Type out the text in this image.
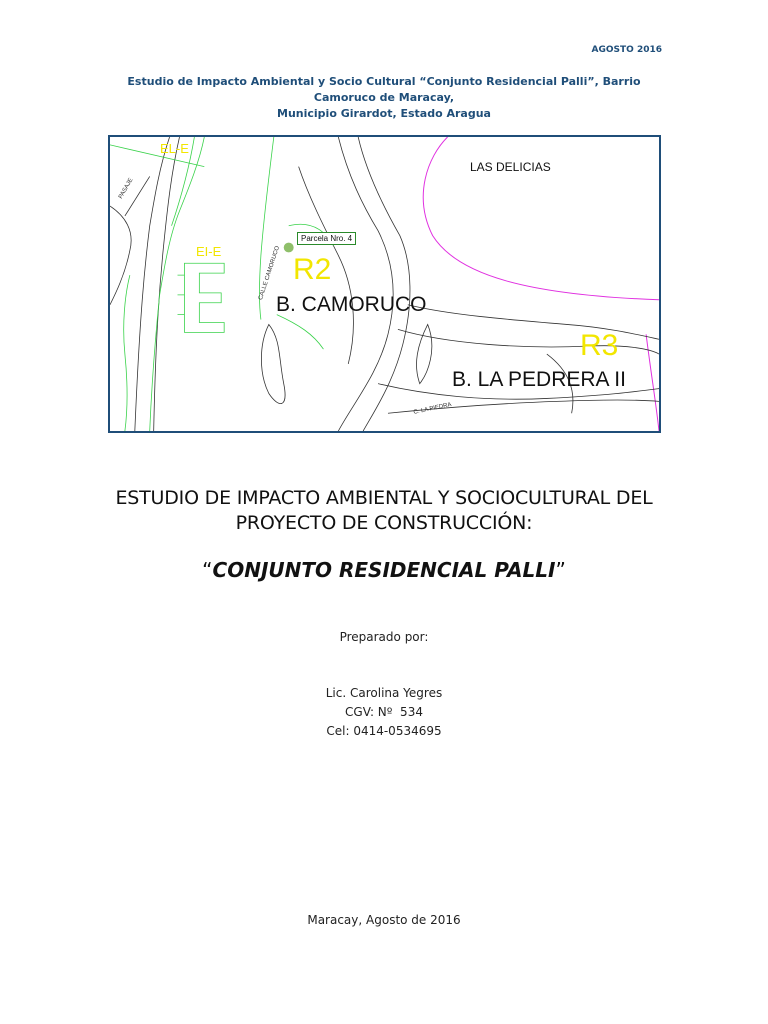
AGOSTO 2016
Estudio de Impacto Ambiental y Socio Cultural “Conjunto Residencial Palli”, Barrio Camoruco de Maracay,
Municipio Girardot, Estado Aragua
EL-E
EI-E
R2
R3
LAS DELICIAS
B. CAMORUCO
B. LA PEDRERA II
Parcela Nro. 4
PASAJE
CALLE CAMORUCO
C. LA PIEDRA
ESTUDIO DE IMPACTO AMBIENTAL Y SOCIOCULTURAL DEL
PROYECTO DE CONSTRUCCIÓN:
“CONJUNTO RESIDENCIAL PALLI”
Preparado por:
Lic. Carolina Yegres
CGV: Nº  534
Cel: 0414-0534695
Maracay, Agosto de 2016
